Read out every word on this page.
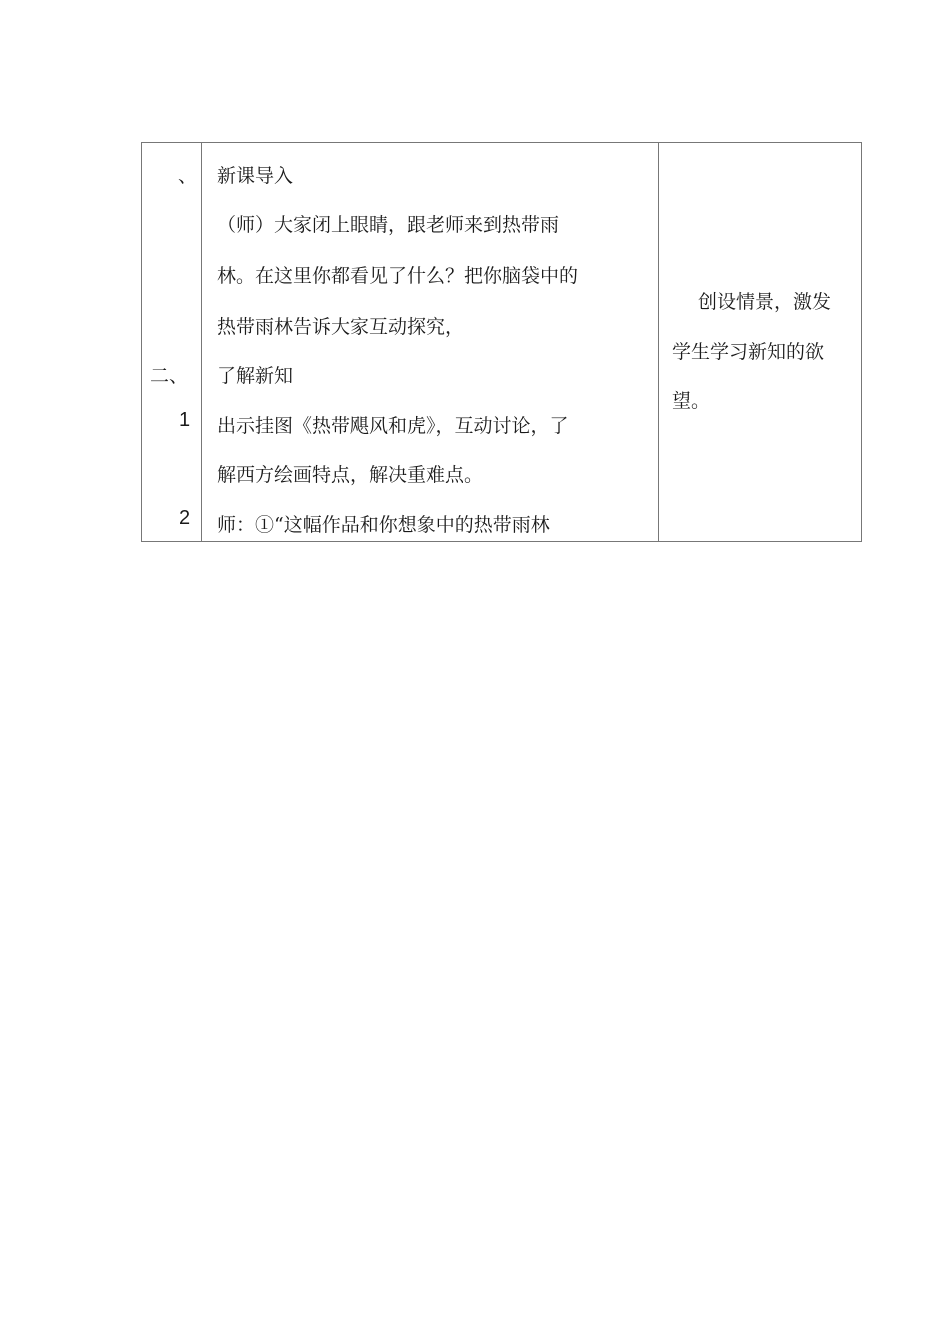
、
二、
1
2
新课导入
（师）大家闭上眼睛，跟老师来到热带雨
林。在这里你都看见了什么？把你脑袋中的
热带雨林告诉大家互动探究，
了解新知
出示挂图《热带飓风和虎》，互动讨论，了
解西方绘画特点，解决重难点。
师：①“这幅作品和你想象中的热带雨林
创设情景，激发
学生学习新知的欲
望。
